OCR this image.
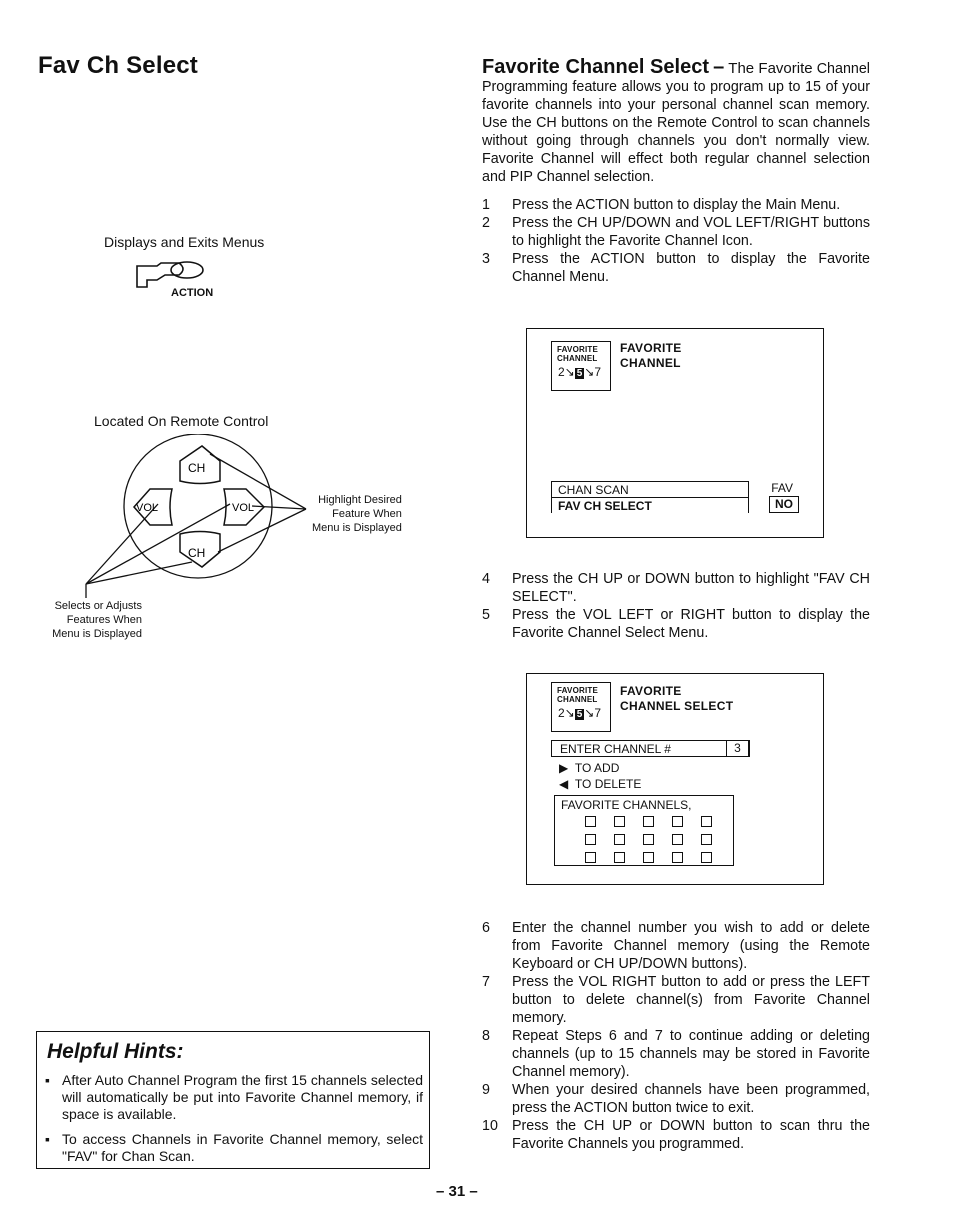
Fav Ch Select
Displays and Exits Menus
ACTION
Located On Remote Control
CH
CH
VOL	VOL
Highlight Desired
Feature When
Menu is Displayed
Selects or Adjusts
Features When
Menu is Displayed
Helpful Hints:
▪ After Auto Channel Program the first 15 channels selected will automatically be put into Favorite Channel memory, if space is available.
▪ To access Channels in Favorite Channel memory, select "FAV" for Chan Scan.

Favorite Channel Select – The Favorite Channel Programming feature allows you to program up to 15 of your favorite channels into your personal channel scan memory. Use the CH buttons on the Remote Control to scan channels without going through channels you don't normally view. Favorite Channel will effect both regular channel selection and PIP Channel selection.

1	Press the ACTION button to display the Main Menu.
2	Press the CH UP/DOWN and VOL LEFT/RIGHT buttons to highlight the Favorite Channel Icon.
3	Press the ACTION button to display the Favorite Channel Menu.
FAVORITE
CHANNEL
2↘ 5 ↘7
FAVORITE
CHANNEL
CHAN SCAN
FAV CH SELECT
FAV
NO
4	Press the CH UP or DOWN button to highlight "FAV CH SELECT".
5	Press the VOL LEFT or RIGHT button to display the Favorite Channel Select Menu.
FAVORITE
CHANNEL
2↘ 5 ↘7
FAVORITE
CHANNEL SELECT
ENTER CHANNEL #	3
▶ TO ADD
◀ TO DELETE
FAVORITE CHANNELS,
6	Enter the channel number you wish to add or delete from Favorite Channel memory (using the Remote Keyboard or CH UP/DOWN buttons).
7	Press the VOL RIGHT button to add or press the LEFT button to delete channel(s) from Favorite Channel memory.
8	Repeat Steps 6 and 7 to continue adding or deleting channels (up to 15 channels may be stored in Favorite Channel memory).
9	When your desired channels have been programmed, press the ACTION button twice to exit.
10 Press the CH UP or DOWN button to scan thru the Favorite Channels you programmed.
– 31 –
